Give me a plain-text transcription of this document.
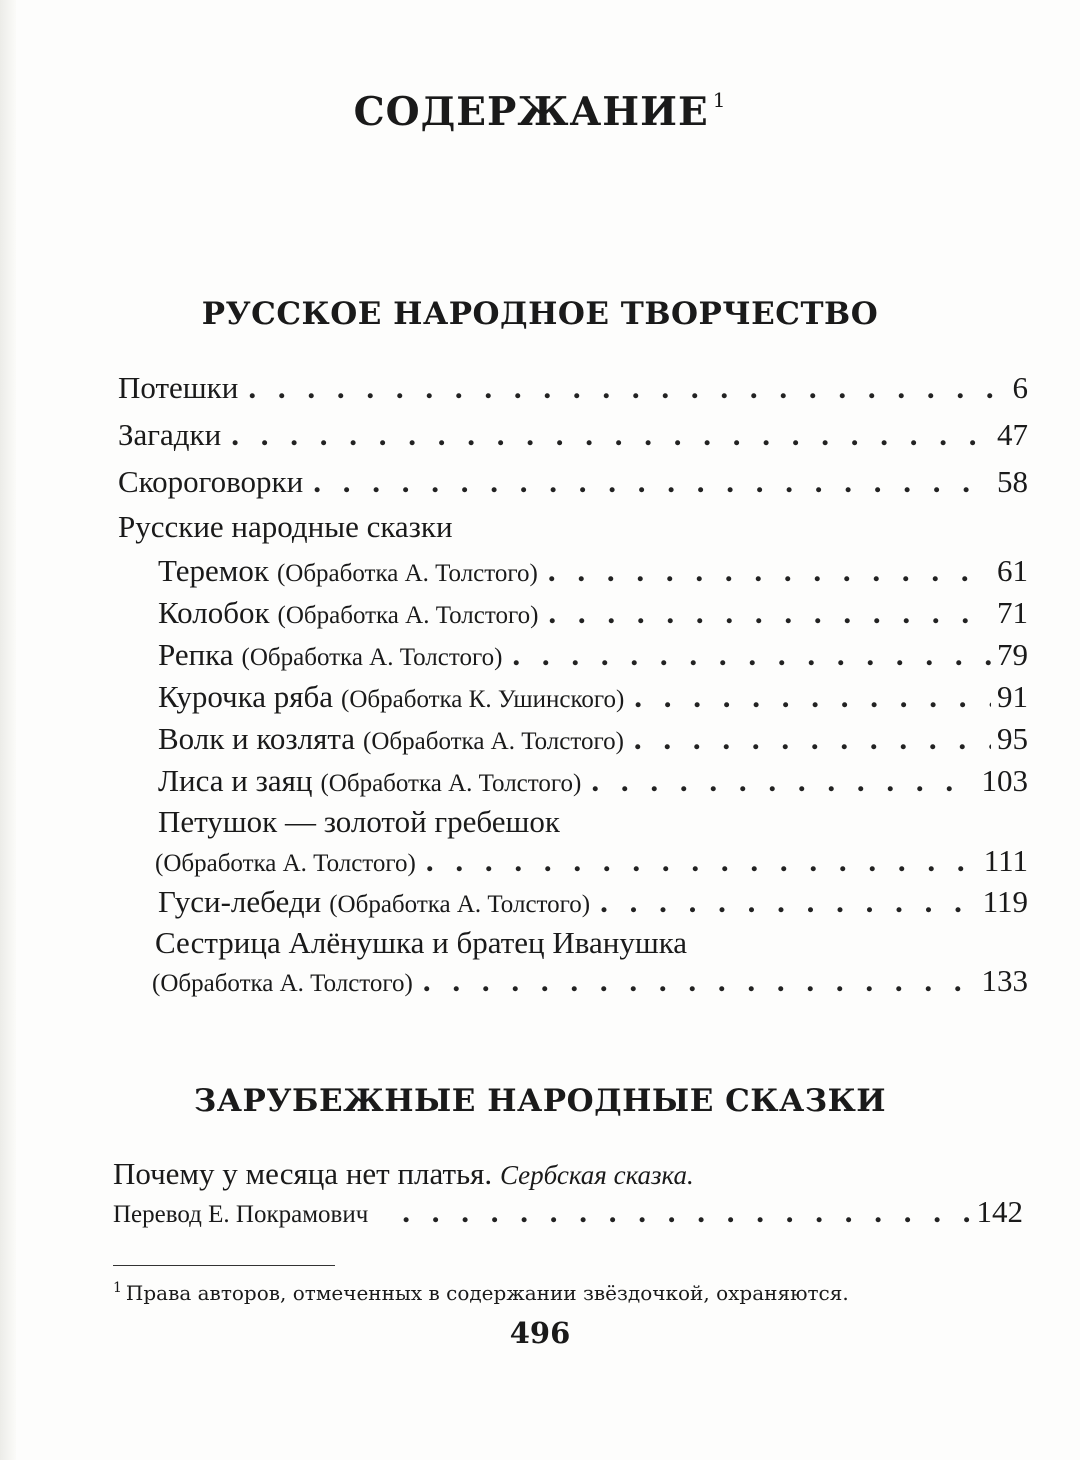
СОДЕРЖАНИЕ $^1$
РУССКОЕ НАРОДНОЕ ТВОРЧЕСТВО
Потешки . . .	6
Загадки . . .	47
Скороговорки . . .	58
Русские народные сказки
Теремок (Обработка А. Толстого) . . .	61
Колобок (Обработка А. Толстого) . . .	71
Репка (Обработка А. Толстого) . . .	79
Курочка ряба (Обработка К. Ушинского) . . .	91
Волк и козлята (Обработка А. Толстого) . . .	95
Лиса и заяц (Обработка А. Толстого) . . .	103
Петушок — золотой гребешок
(Обработка А. Толстого) . . .	111
Гуси-лебеди (Обработка А. Толстого) . . .	119
Сестрица Алёнушка и братец Иванушка
(Обработка А. Толстого) . . .	133
ЗАРУБЕЖНЫЕ НАРОДНЫЕ СКАЗКИ
Почему у месяца нет платья. Сербская сказка.
Перевод Е. Покрамович . . .	142
$^1$ Права авторов, отмеченных в содержании звёздочкой, охраняются.
496
